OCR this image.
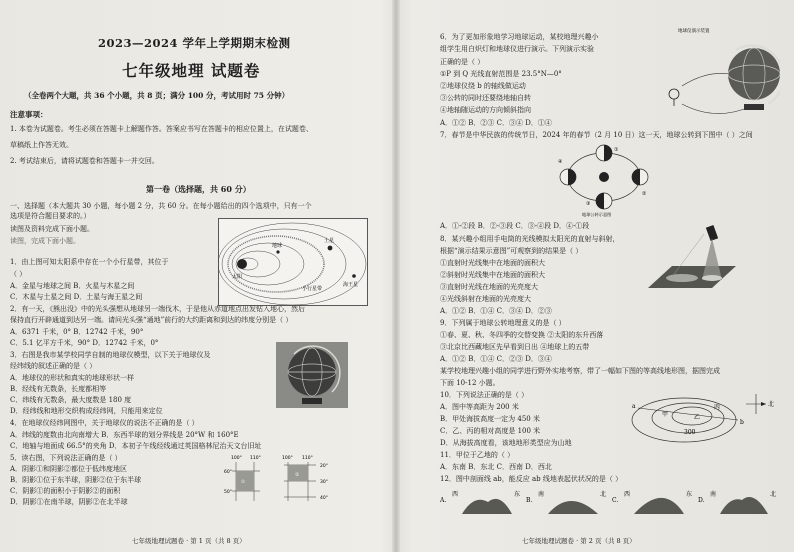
2023—2024 学年上学期期末检测
七年级地理 试题卷
（全卷两个大题，共 36 个小题，共 8 页；满分 100 分，考试用时 75 分钟）
注意事项：
1. 本卷为试题卷。考生必须在答题卡上解题作答。答案应书写在答题卡的相应位置上，在试题卷、
草稿纸上作答无效。
2. 考试结束后，请将试题卷和答题卡一并交回。
第一卷（选择题，共 60 分）
一、选择题（本大题共 30 小题，每小题 2 分，共 60 分。在每小题给出的四个选项中，只有一个
选项是符合题目要求的。）
读图及资料完成下面小题。
读图，完成下面小题。
1．由上图可知太阳系中存在一个小行星带，其位于
（ ）
A．金星与地球之间 B．火星与木星之间
C．木星与土星之间 D．土星与海王星之间
2．有一天，《熊出没》中的光头强想从地球另一端伐木，于是他从赤道地点出发钻入地心，然后
保持直行开辟通道到达另一端。请问光头强“通地”前行的大约距离和到达的纬度分别是（ ）
A．6371 千米，0° B．12742 千米，90°
C．5.1 亿平方千米，90° D．12742 千米，0°
3．右图是我市某学校同学自制的地球仪模型，以下关于地球仪及
经纬线的叙述正确的是（ ）
A．地球仪的形状和真实的地球形状一样
B．经线有无数条，长度都相等
C．纬线有无数条，最大度数是 180 度
D．经纬线和地形交织构成经纬网，只能用来定位
4．在地球仪经纬网图中，关于地球仪的说法不正确的是（ ）
A．纬线的度数由北向南增大 B．东西半球的划分界线是 20°W 和 160°E
C．地轴与地面成 66.5°的夹角 D．本初子午线经线通过英国格林尼治天文台旧址
5．读右图，下列说法正确的是（ ）
A．阴影①和阴影②都位于低纬度地区
B．阴影①位于东半球，阴影②位于东半球
C．阴影①的面积小于阴影②的面积
D．阴影①在南半球，阴影②在北半球
七年级地理试题卷 · 第 1 页（共 8 页）
太阳
地球
小行星带
土星
海王星
100° 110°
60°
50°
①
100° 110°
20°
30°
40°
②
6．为了更加形象地学习地球运动，某校地理兴趣小
组学生用白炽灯和地球仪进行演示。下列演示实验
正确的是（ ）
①P 到 Q 光线直射范围是 23.5°N—0°
②地球仪绕 b 的轴线做运动
③公转的同时还要绕地轴自转
④地轴随运动的方向倾斜指向
A．①② B．②③ C．③④ D．①④
7．春节是中华民族的传统节日，2024 年的春节（2 月 10 日）这一天，地球公转到下图中（ ）之间
A．①-②段 B．②-③段 C．③-④段 D．④-①段
8．某兴趣小组用手电筒的光线模拟太阳光的直射与斜射，
根据“演示结果示意图”可观察到的结果是（ ）
①直射时光线集中在地面的面积大
②斜射时光线集中在地面的面积大
③直射时光线在地面的光亮度大
④光线斜射在地面的光亮度大
A．①② B．①④ C．③④ D．②③
9．下列属于地球公转地理意义的是（ ）
①春、夏、秋、冬四季的交替变换 ②太阳的东升西落
③北京比西藏地区先早看到日出 ④地球上的五带
A．①② B．①④ C．②③ D．③④
某学校地理兴趣小组的同学进行野外实地考察，带了一幅如下图的等高线地形图，据图完成
下面 10-12 小题。
10．下列说法正确的是（ ）
A．图中等高距为 200 米
B．甲处海拔高度一定为 450 米
C．乙、丙的相对高度是 100 米
D．从海拔高度看，该地地形类型应为山地
11．甲位于乙地的（ ）
A．东南 B．东北 C．西南 D．西北
12．图中剖面线 ab，能反应 ab 线地表起伏状况的是（ ）
七年级地理试题卷 · 第 2 页（共 8 页）
地球仪演示装置
①
②
③
④
地球公转示意图
甲	乙
丙	北
300
a
b
A.
西	东
B.
南	北
C.
西	东
D.
南	北
